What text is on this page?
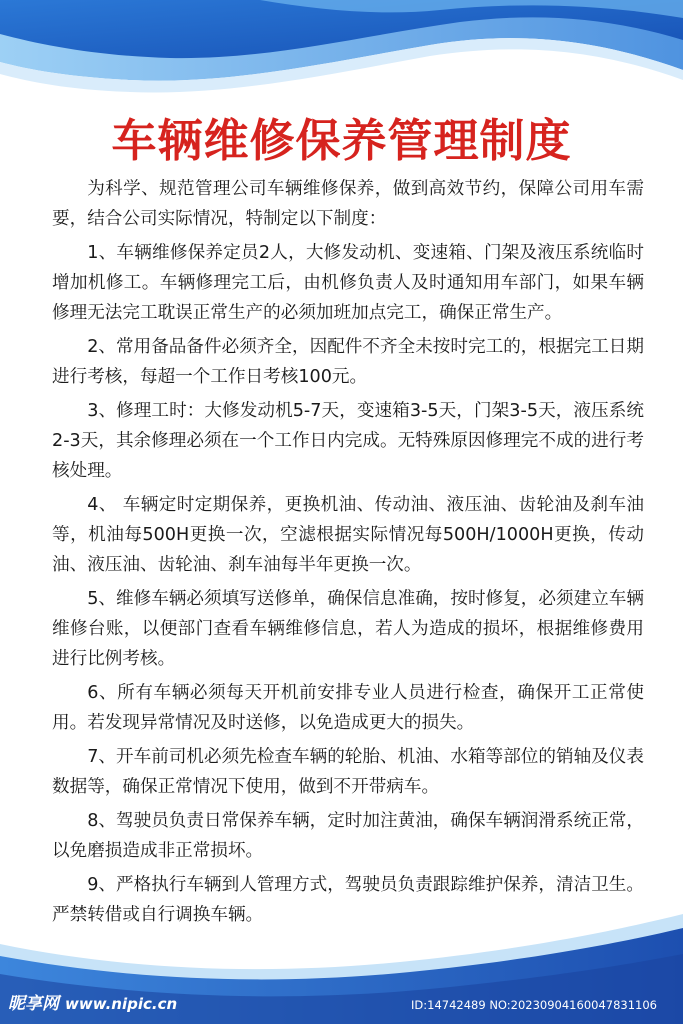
车辆维修保养管理制度

为科学、规范管理公司车辆维修保养，做到高效节约，保障公司用车需要，结合公司实际情况，特制定以下制度：

1、车辆维修保养定员2人，大修发动机、变速箱、门架及液压系统临时增加机修工。车辆修理完工后，由机修负责人及时通知用车部门，如果车辆修理无法完工耽误正常生产的必须加班加点完工，确保正常生产。

2、常用备品备件必须齐全，因配件不齐全未按时完工的，根据完工日期进行考核，每超一个工作日考核100元。

3、修理工时：大修发动机5-7天，变速箱3-5天，门架3-5天，液压系统2-3天，其余修理必须在一个工作日内完成。无特殊原因修理完不成的进行考核处理。

4、 车辆定时定期保养，更换机油、传动油、液压油、齿轮油及刹车油等，机油每500H更换一次，空滤根据实际情况每500H/1000H更换，传动油、液压油、齿轮油、刹车油每半年更换一次。

5、维修车辆必须填写送修单，确保信息准确，按时修复，必须建立车辆维修台账，以便部门查看车辆维修信息，若人为造成的损坏，根据维修费用进行比例考核。

6、所有车辆必须每天开机前安排专业人员进行检查，确保开工正常使用。若发现异常情况及时送修，以免造成更大的损失。

7、开车前司机必须先检查车辆的轮胎、机油、水箱等部位的销轴及仪表数据等，确保正常情况下使用，做到不开带病车。

8、驾驶员负责日常保养车辆，定时加注黄油，确保车辆润滑系统正常，以免磨损造成非正常损坏。

9、严格执行车辆到人管理方式，驾驶员负责跟踪维护保养，清洁卫生。严禁转借或自行调换车辆。

昵享网 www.nipic.cn	ID:14742489 NO:20230904160047831106
